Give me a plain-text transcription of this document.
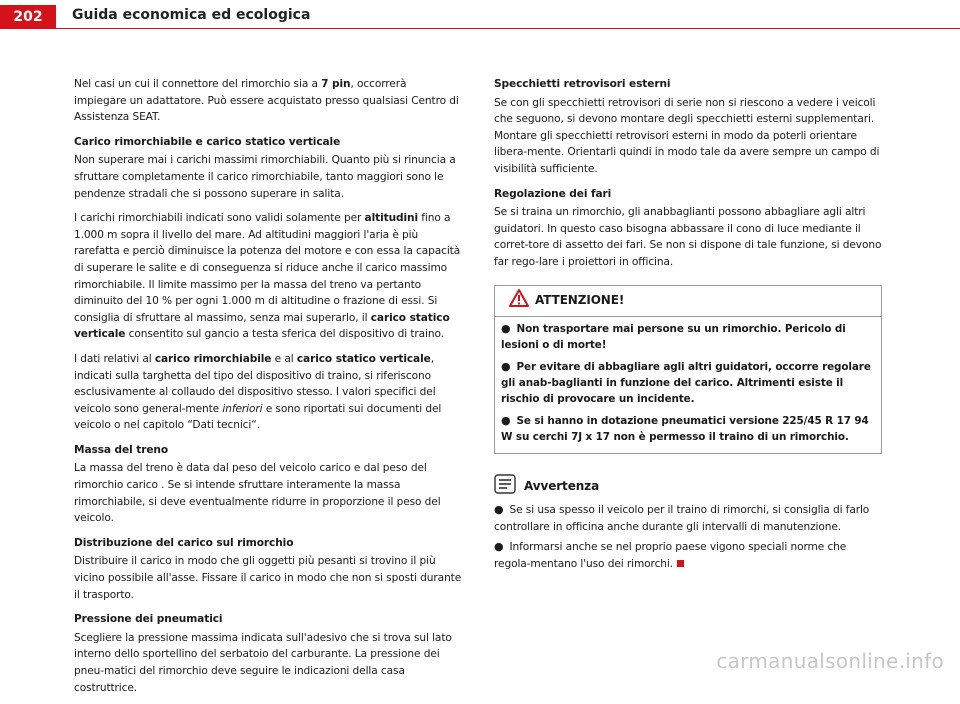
202	Guida economica ed ecologica

Nel casi un cui il connettore del rimorchio sia a 7 pin, occorrerà impiegare un adattatore. Può essere acquistato presso qualsiasi Centro di Assistenza SEAT.

Carico rimorchiabile e carico statico verticale

Non superare mai i carichi massimi rimorchiabili. Quanto più si rinuncia a sfruttare completamente il carico rimorchiabile, tanto maggiori sono le pendenze stradali che si possono superare in salita.

I carichi rimorchiabili indicati sono validi solamente per altitudini fino a 1.000 m sopra il livello del mare. Ad altitudini maggiori l'aria è più rarefatta e perciò diminuisce la potenza del motore e con essa la capacità di superare le salite e di conseguenza si riduce anche il carico massimo rimorchiabile. Il limite massimo per la massa del treno va pertanto diminuito del 10 % per ogni 1.000 m di altitudine o frazione di essi. Si consiglia di sfruttare al massimo, senza mai superarlo, il carico statico verticale consentito sul gancio a testa sferica del dispositivo di traino.

I dati relativi al carico rimorchiabile e al carico statico verticale, indicati sulla targhetta del tipo del dispositivo di traino, si riferiscono esclusivamente al collaudo del dispositivo stesso. I valori specifici del veicolo sono general-mente inferiori e sono riportati sui documenti del veicolo o nel capitolo “Dati tecnici“.

Massa del treno

La massa del treno è data dal peso del veicolo carico e dal peso del rimorchio carico . Se si intende sfruttare interamente la massa rimorchiabile, si deve eventualmente ridurre in proporzione il peso del veicolo.

Distribuzione del carico sul rimorchio

Distribuire il carico in modo che gli oggetti più pesanti si trovino il più vicino possibile all'asse. Fissare il carico in modo che non si sposti durante il trasporto.

Pressione dei pneumatici

Scegliere la pressione massima indicata sull'adesivo che si trova sul lato interno dello sportellino del serbatoio del carburante. La pressione dei pneu-matici del rimorchio deve seguire le indicazioni della casa costruttrice.

Specchietti retrovisori esterni

Se con gli specchietti retrovisori di serie non si riescono a vedere i veicoli che seguono, si devono montare degli specchietti esterni supplementari. Montare gli specchietti retrovisori esterni in modo da poterli orientare libera-mente. Orientarli quindi in modo tale da avere sempre un campo di visibilità sufficiente.

Regolazione dei fari

Se si traina un rimorchio, gli anabbaglianti possono abbagliare agli altri guidatori. In questo caso bisogna abbassare il cono di luce mediante il corret-tore di assetto dei fari. Se non si dispone di tale funzione, si devono far rego-lare i proiettori in officina.

ATTENZIONE!
● Non trasportare mai persone su un rimorchio. Pericolo di lesioni o di morte!
● Per evitare di abbagliare agli altri guidatori, occorre regolare gli anab-baglianti in funzione del carico. Altrimenti esiste il rischio di provocare un incidente.
● Se si hanno in dotazione pneumatici versione 225/45 R 17 94 W su cerchi 7J x 17 non è permesso il traino di un rimorchio.
Avvertenza
● Se si usa spesso il veicolo per il traino di rimorchi, si consiglia di farlo controllare in officina anche durante gli intervalli di manutenzione.
● Informarsi anche se nel proprio paese vigono speciali norme che regola-mentano l'uso dei rimorchi.
carmanualsonline.info
